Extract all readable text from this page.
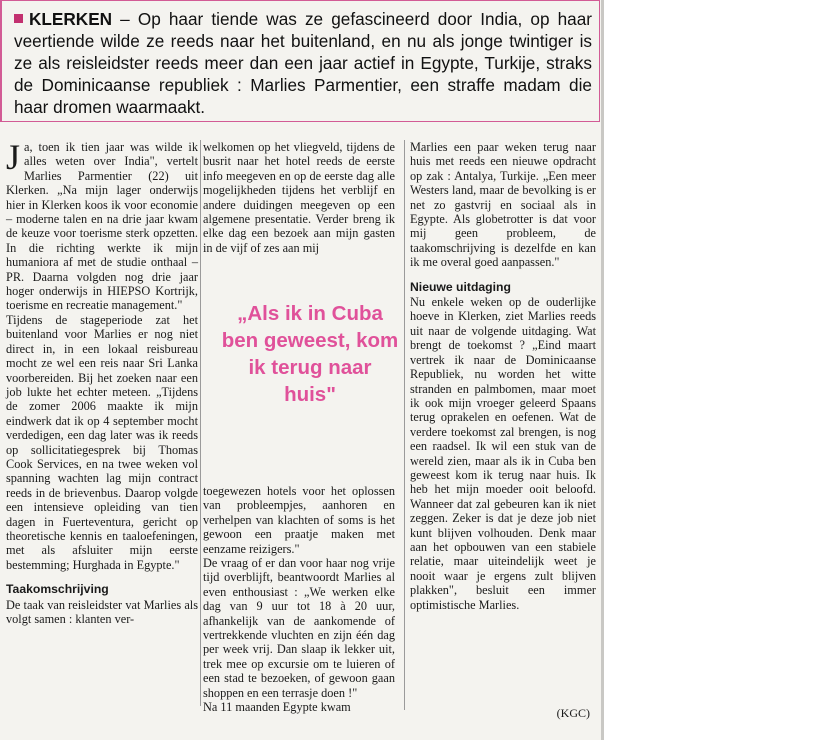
KLERKEN – Op haar tiende was ze gefascineerd door India, op haar veertiende wilde ze reeds naar het buitenland, en nu als jonge twintiger is ze als reisleidster reeds meer dan een jaar actief in Egypte, Turkije, straks de Dominicaanse republiek : Marlies Parmentier, een straffe madam die haar dromen waarmaakt.

Ja, toen ik tien jaar was wilde ik alles weten over India", vertelt Marlies Parmentier (22) uit Klerken. „Na mijn lager onderwijs hier in Klerken koos ik voor economie – moderne talen en na drie jaar kwam de keuze voor toerisme sterk opzetten. In die richting werkte ik mijn humaniora af met de studie onthaal – PR. Daarna volgden nog drie jaar hoger onderwijs in HIEPSO Kortrijk, toerisme en recreatie management."

Tijdens de stageperiode zat het buitenland voor Marlies er nog niet direct in, in een lokaal reisbureau mocht ze wel een reis naar Sri Lanka voorbereiden. Bij het zoeken naar een job lukte het echter meteen. „Tijdens de zomer 2006 maakte ik mijn eindwerk dat ik op 4 september mocht verdedigen, een dag later was ik reeds op sollicitatiegesprek bij Thomas Cook Services, en na twee weken vol spanning wachten lag mijn contract reeds in de brievenbus. Daarop volgde een intensieve opleiding van tien dagen in Fuerteventura, gericht op theoretische kennis en taaloefeningen, met als afsluiter mijn eerste bestemming; Hurghada in Egypte."

Taakomschrijving

De taak van reisleidster vat Marlies als volgt samen : klanten ver-

welkomen op het vliegveld, tijdens de busrit naar het hotel reeds de eerste info meegeven en op de eerste dag alle mogelijkheden tijdens het verblijf en andere duidingen meegeven op een algemene presentatie. Verder breng ik elke dag een bezoek aan mijn gasten in de vijf of zes aan mij

„Als ik in Cuba ben geweest, kom ik terug naar huis"

toegewezen hotels voor het oplossen van probleempjes, aanhoren en verhelpen van klachten of soms is het gewoon een praatje maken met eenzame reizigers."

De vraag of er dan voor haar nog vrije tijd overblijft, beantwoordt Marlies al even enthousiast : „We werken elke dag van 9 uur tot 18 à 20 uur, afhankelijk van de aankomende of vertrekkende vluchten en zijn één dag per week vrij. Dan slaap ik lekker uit, trek mee op excursie om te luieren of een stad te bezoeken, of gewoon gaan shoppen en een terrasje doen !"

Na 11 maanden Egypte kwam

Marlies een paar weken terug naar huis met reeds een nieuwe opdracht op zak : Antalya, Turkije. „Een meer Westers land, maar de bevolking is er net zo gastvrij en sociaal als in Egypte. Als globetrotter is dat voor mij geen probleem, de taakomschrijving is dezelfde en kan ik me overal goed aanpassen."

Nieuwe uitdaging

Nu enkele weken op de ouderlijke hoeve in Klerken, ziet Marlies reeds uit naar de volgende uitdaging. Wat brengt de toekomst ? „Eind maart vertrek ik naar de Dominicaanse Republiek, nu worden het witte stranden en palmbomen, maar moet ik ook mijn vroeger geleerd Spaans terug oprakelen en oefenen. Wat de verdere toekomst zal brengen, is nog een raadsel. Ik wil een stuk van de wereld zien, maar als ik in Cuba ben geweest kom ik terug naar huis. Ik heb het mijn moeder ooit beloofd. Wanneer dat zal gebeuren kan ik niet zeggen. Zeker is dat je deze job niet kunt blijven volhouden. Denk maar aan het opbouwen van een stabiele relatie, maar uiteindelijk weet je nooit waar je ergens zult blijven plakken", besluit een immer optimistische Marlies.

(KGC)
